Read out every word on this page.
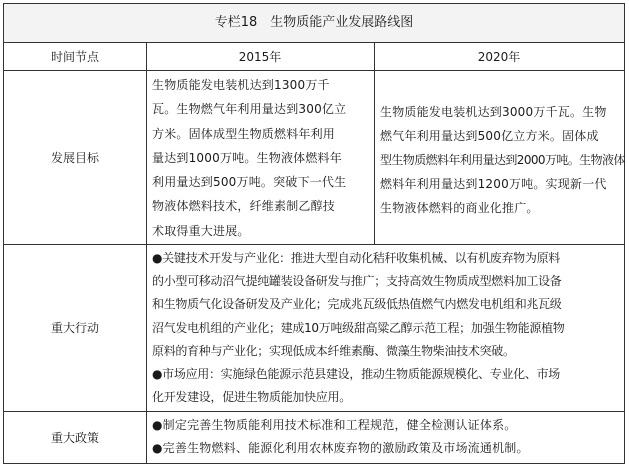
专栏18　生物质能产业发展路线图
时间节点	2015年	2020年
发展目标
生物质能发电装机达到1300万千
瓦。生物燃气年利用量达到300亿立
方米。固体成型生物质燃料年利用
量达到1000万吨。生物液体燃料年
利用量达到500万吨。突破下一代生
物液体燃料技术，纤维素制乙醇技
术取得重大进展。
生物质能发电装机达到3000万千瓦。生物
燃气年利用量达到500亿立方米。固体成
型生物质燃料年利用量达到2000万吨。生物液体
燃料年利用量达到1200万吨。实现新一代
生物液体燃料的商业化推广。
重大行动
●关键技术开发与产业化：推进大型自动化秸秆收集机械、以有机废弃物为原料
的小型可移动沼气提纯罐装设备研发与推广；支持高效生物质成型燃料加工设备
和生物质气化设备研发及产业化；完成兆瓦级低热值燃气内燃发电机组和兆瓦级
沼气发电机组的产业化；建成10万吨级甜高粱乙醇示范工程；加强生物能源植物
原料的育种与产业化；实现低成本纤维素酶、微藻生物柴油技术突破。
●市场应用：实施绿色能源示范县建设，推动生物质能源规模化、专业化、市场
化开发建设，促进生物质能加快应用。
重大政策
●制定完善生物质能利用技术标准和工程规范，健全检测认证体系。
●完善生物燃料、能源化利用农林废弃物的激励政策及市场流通机制。
